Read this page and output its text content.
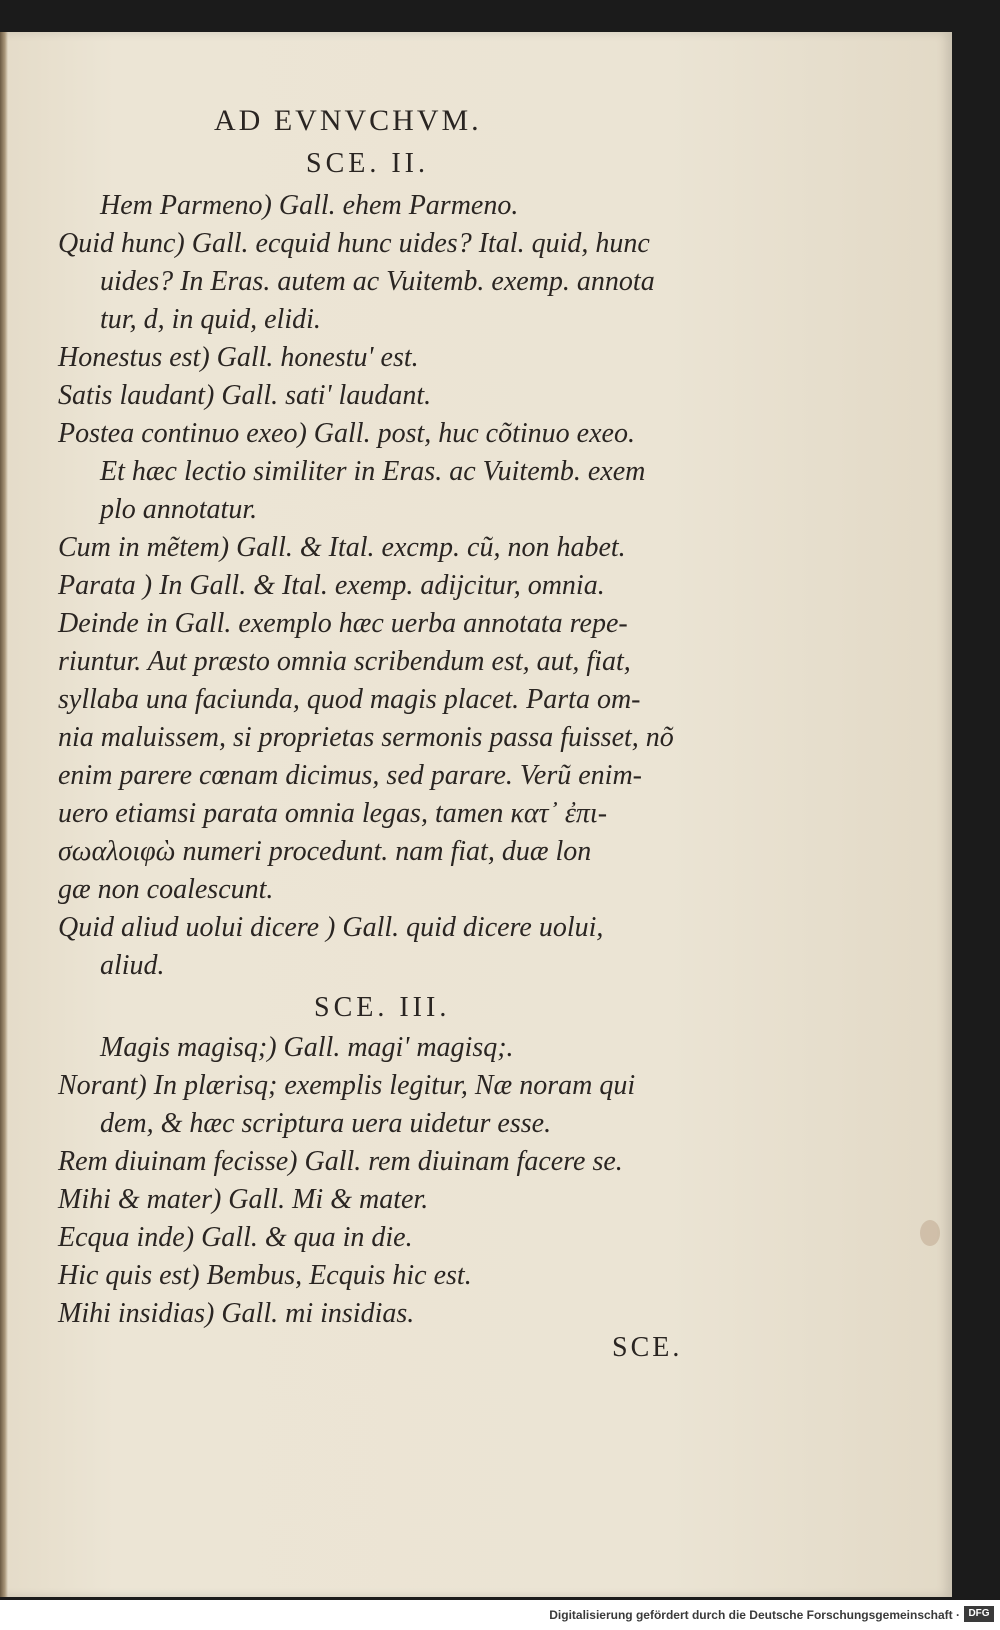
AD EVNVCHVM.
SCE. II.
Hem Parmeno) Gall. ehem Parmeno.
Quid hunc) Gall. ecquid hunc uides? Ital. quid, hunc
uides? In Eras. autem ac Vuitemb. exemp. annota
tur, d, in quid, elidi.
Honestus est) Gall. honestu' est.
Satis laudant) Gall. sati' laudant.
Postea continuo exeo) Gall. post, huc cõtinuo exeo.
Et hæc lectio similiter in Eras. ac Vuitemb. exem
plo annotatur.
Cum in mẽtem) Gall. & Ital. excmp. cũ, non habet.
Parata ) In Gall. & Ital. exemp. adijcitur, omnia.
Deinde in Gall. exemplo hæc uerba annotata repe-
riuntur. Aut præsto omnia scribendum est, aut, fiat,
syllaba una faciunda, quod magis placet. Parta om-
nia maluissem, si proprietas sermonis passa fuisset, nõ
enim parere cœnam dicimus, sed parare. Verũ enim-
uero etiamsi parata omnia legas, tamen κατ᾽ ἐπι-
σωαλοιφὼ numeri procedunt. nam fiat, duæ lon
gæ non coalescunt.
Quid aliud uolui dicere ) Gall. quid dicere uolui,
aliud.
SCE. III.
Magis magisq;) Gall. magi' magisq;.
Norant) In plærisq; exemplis legitur, Næ noram qui
dem, & hæc scriptura uera uidetur esse.
Rem diuinam fecisse) Gall. rem diuinam facere se.
Mihi & mater) Gall. Mi & mater.
Ecqua inde) Gall. & qua in die.
Hic quis est) Bembus, Ecquis hic est.
Mihi insidias) Gall. mi insidias.
SCE.
Digitalisierung gefördert durch die Deutsche Forschungsgemeinschaft · DFG
